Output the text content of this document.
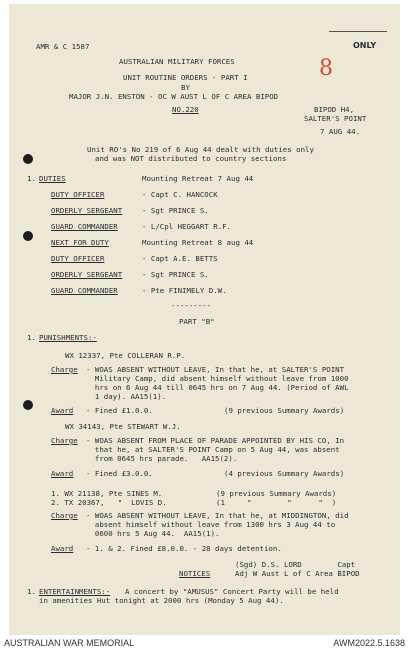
AMR & C 1587	ONLY
8
AUSTRALIAN MILITARY FORCES
UNIT ROUTINE ORDERS - PART I
BY
MAJOR J.N. ENSTON - OC W AUST L OF C AREA BIPOD
NO.220	BIPOD H4,
SALTER'S POINT
7 AUG 44.
Unit RO's No 219 of 6 Aug 44 dealt with duties only
and was NOT distributed to country sections
1. DUTIES	Mounting Retreat 7 Aug 44
DUTY OFFICER	- Capt C. HANCOCK
ORDERLY SERGEANT	- Sgt PRINCE S.
GUARD COMMANDER	- L/Cpl HEGGART R.F.
NEXT FOR DUTY	Mounting Retreat 8 aug 44
DUTY OFFICER	- Capt A.E. BETTS
ORDERLY SERGEANT	- Sgt PRINCE S.
GUARD COMMANDER	- Pte FINIMELY D.W.
---------
PART "B"
1. PUNISHMENTS:-
WX 12337, Pte COLLERAN R.P.
Charge - WOAS ABSENT WITHOUT LEAVE, In that he, at SALTER'S POINT
Military Camp, did absent himself without leave from 1000
hrs on 6 Aug 44 till 0645 hrs on 7 Aug 44. (Period of AWL
1 day). AA15(1).
Award - Fined £1.0.0.	(9 previous Summary Awards)
WX 34143, Pte STEWART W.J.
Charge - WOAS ABSENT FROM PLACE OF PARADE APPOINTED BY HIS CO, In
that he, at SALTER'S POINT Camp on 5 Aug 44, was absent
from 0645 hrs parade.   AA15(2).
Award - Fined £3.0.0.	(4 previous Summary Awards)
1. WX 21138, Pte SINES M.	(9 previous Summary Awards)
2. TX 20367,   "  LOVIS D.	(1     "        "      "  )
Charge - WOAS ABSENT WITHOUT LEAVE, In that he, at MIDDINGTON, did
absent himself without leave from 1300 hrs 3 Aug 44 to
0600 hrs 5 Aug 44.  AA15(1).
Award - 1. & 2. Fined £8.0.0. - 28 days detention.
(Sgd) D.S. LORD        Capt
NOTICES	Adj W Aust L of C Area BIPOD
1. ENTERTAINMENTS:- A concert by "AMUSUS" Concert Party will be held
in amenities Hut tonight at 2000 hrs (Monday 5 Aug 44).
AUSTRALIAN WAR MEMORIAL	AWM2022.5.1638
